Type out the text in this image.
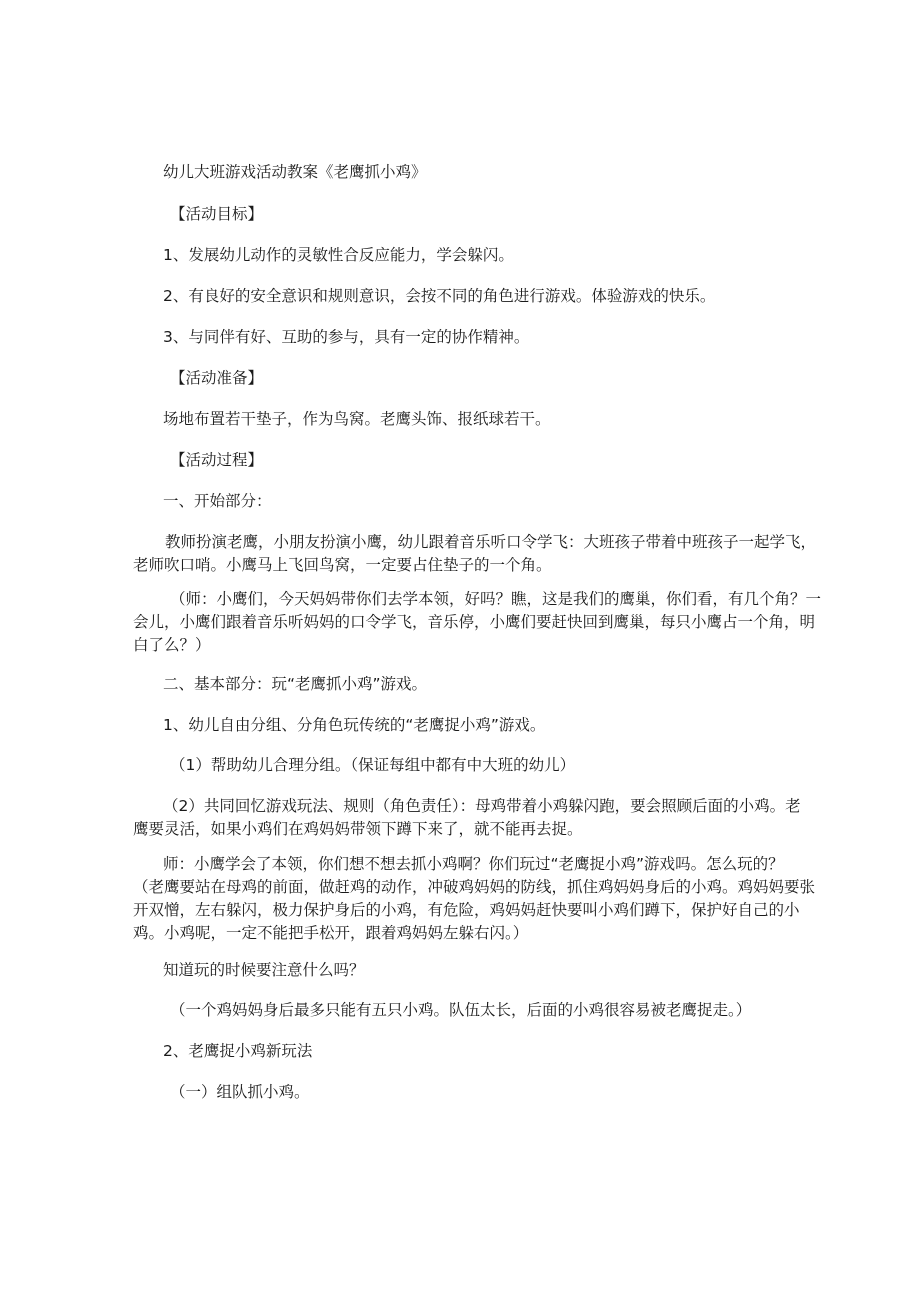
幼儿大班游戏活动教案《老鹰抓小鸡》
【活动目标】
1、发展幼儿动作的灵敏性合反应能力，学会躲闪。
2、有良好的安全意识和规则意识，会按不同的角色进行游戏。体验游戏的快乐。
3、与同伴有好、互助的参与，具有一定的协作精神。
【活动准备】
场地布置若干垫子，作为鸟窝。老鹰头饰、报纸球若干。
【活动过程】
一、开始部分：
教师扮演老鹰，小朋友扮演小鹰，幼儿跟着音乐听口令学飞：大班孩子带着中班孩子一起学飞，
老师吹口哨。小鹰马上飞回鸟窝，一定要占住垫子的一个角。
（师：小鹰们，今天妈妈带你们去学本领，好吗？瞧，这是我们的鹰巢，你们看，有几个角？一
会儿，小鹰们跟着音乐听妈妈的口令学飞，音乐停，小鹰们要赶快回到鹰巢，每只小鹰占一个角，明
白了么？）
二、基本部分：玩“老鹰抓小鸡”游戏。
1、幼儿自由分组、分角色玩传统的“老鹰捉小鸡”游戏。
（1）帮助幼儿合理分组。（保证每组中都有中大班的幼儿）
（2）共同回忆游戏玩法、规则（角色责任）：母鸡带着小鸡躲闪跑，要会照顾后面的小鸡。老
鹰要灵活，如果小鸡们在鸡妈妈带领下蹲下来了，就不能再去捉。
师：小鹰学会了本领，你们想不想去抓小鸡啊？你们玩过“老鹰捉小鸡”游戏吗。怎么玩的？
（老鹰要站在母鸡的前面，做赶鸡的动作，冲破鸡妈妈的防线，抓住鸡妈妈身后的小鸡。鸡妈妈要张
开双憎，左右躲闪，极力保护身后的小鸡，有危险，鸡妈妈赶快要叫小鸡们蹲下，保护好自己的小
鸡。小鸡呢，一定不能把手松开，跟着鸡妈妈左躲右闪。）
知道玩的时候要注意什么吗？
（一个鸡妈妈身后最多只能有五只小鸡。队伍太长，后面的小鸡很容易被老鹰捉走。）
2、老鹰捉小鸡新玩法
（一）组队抓小鸡。
